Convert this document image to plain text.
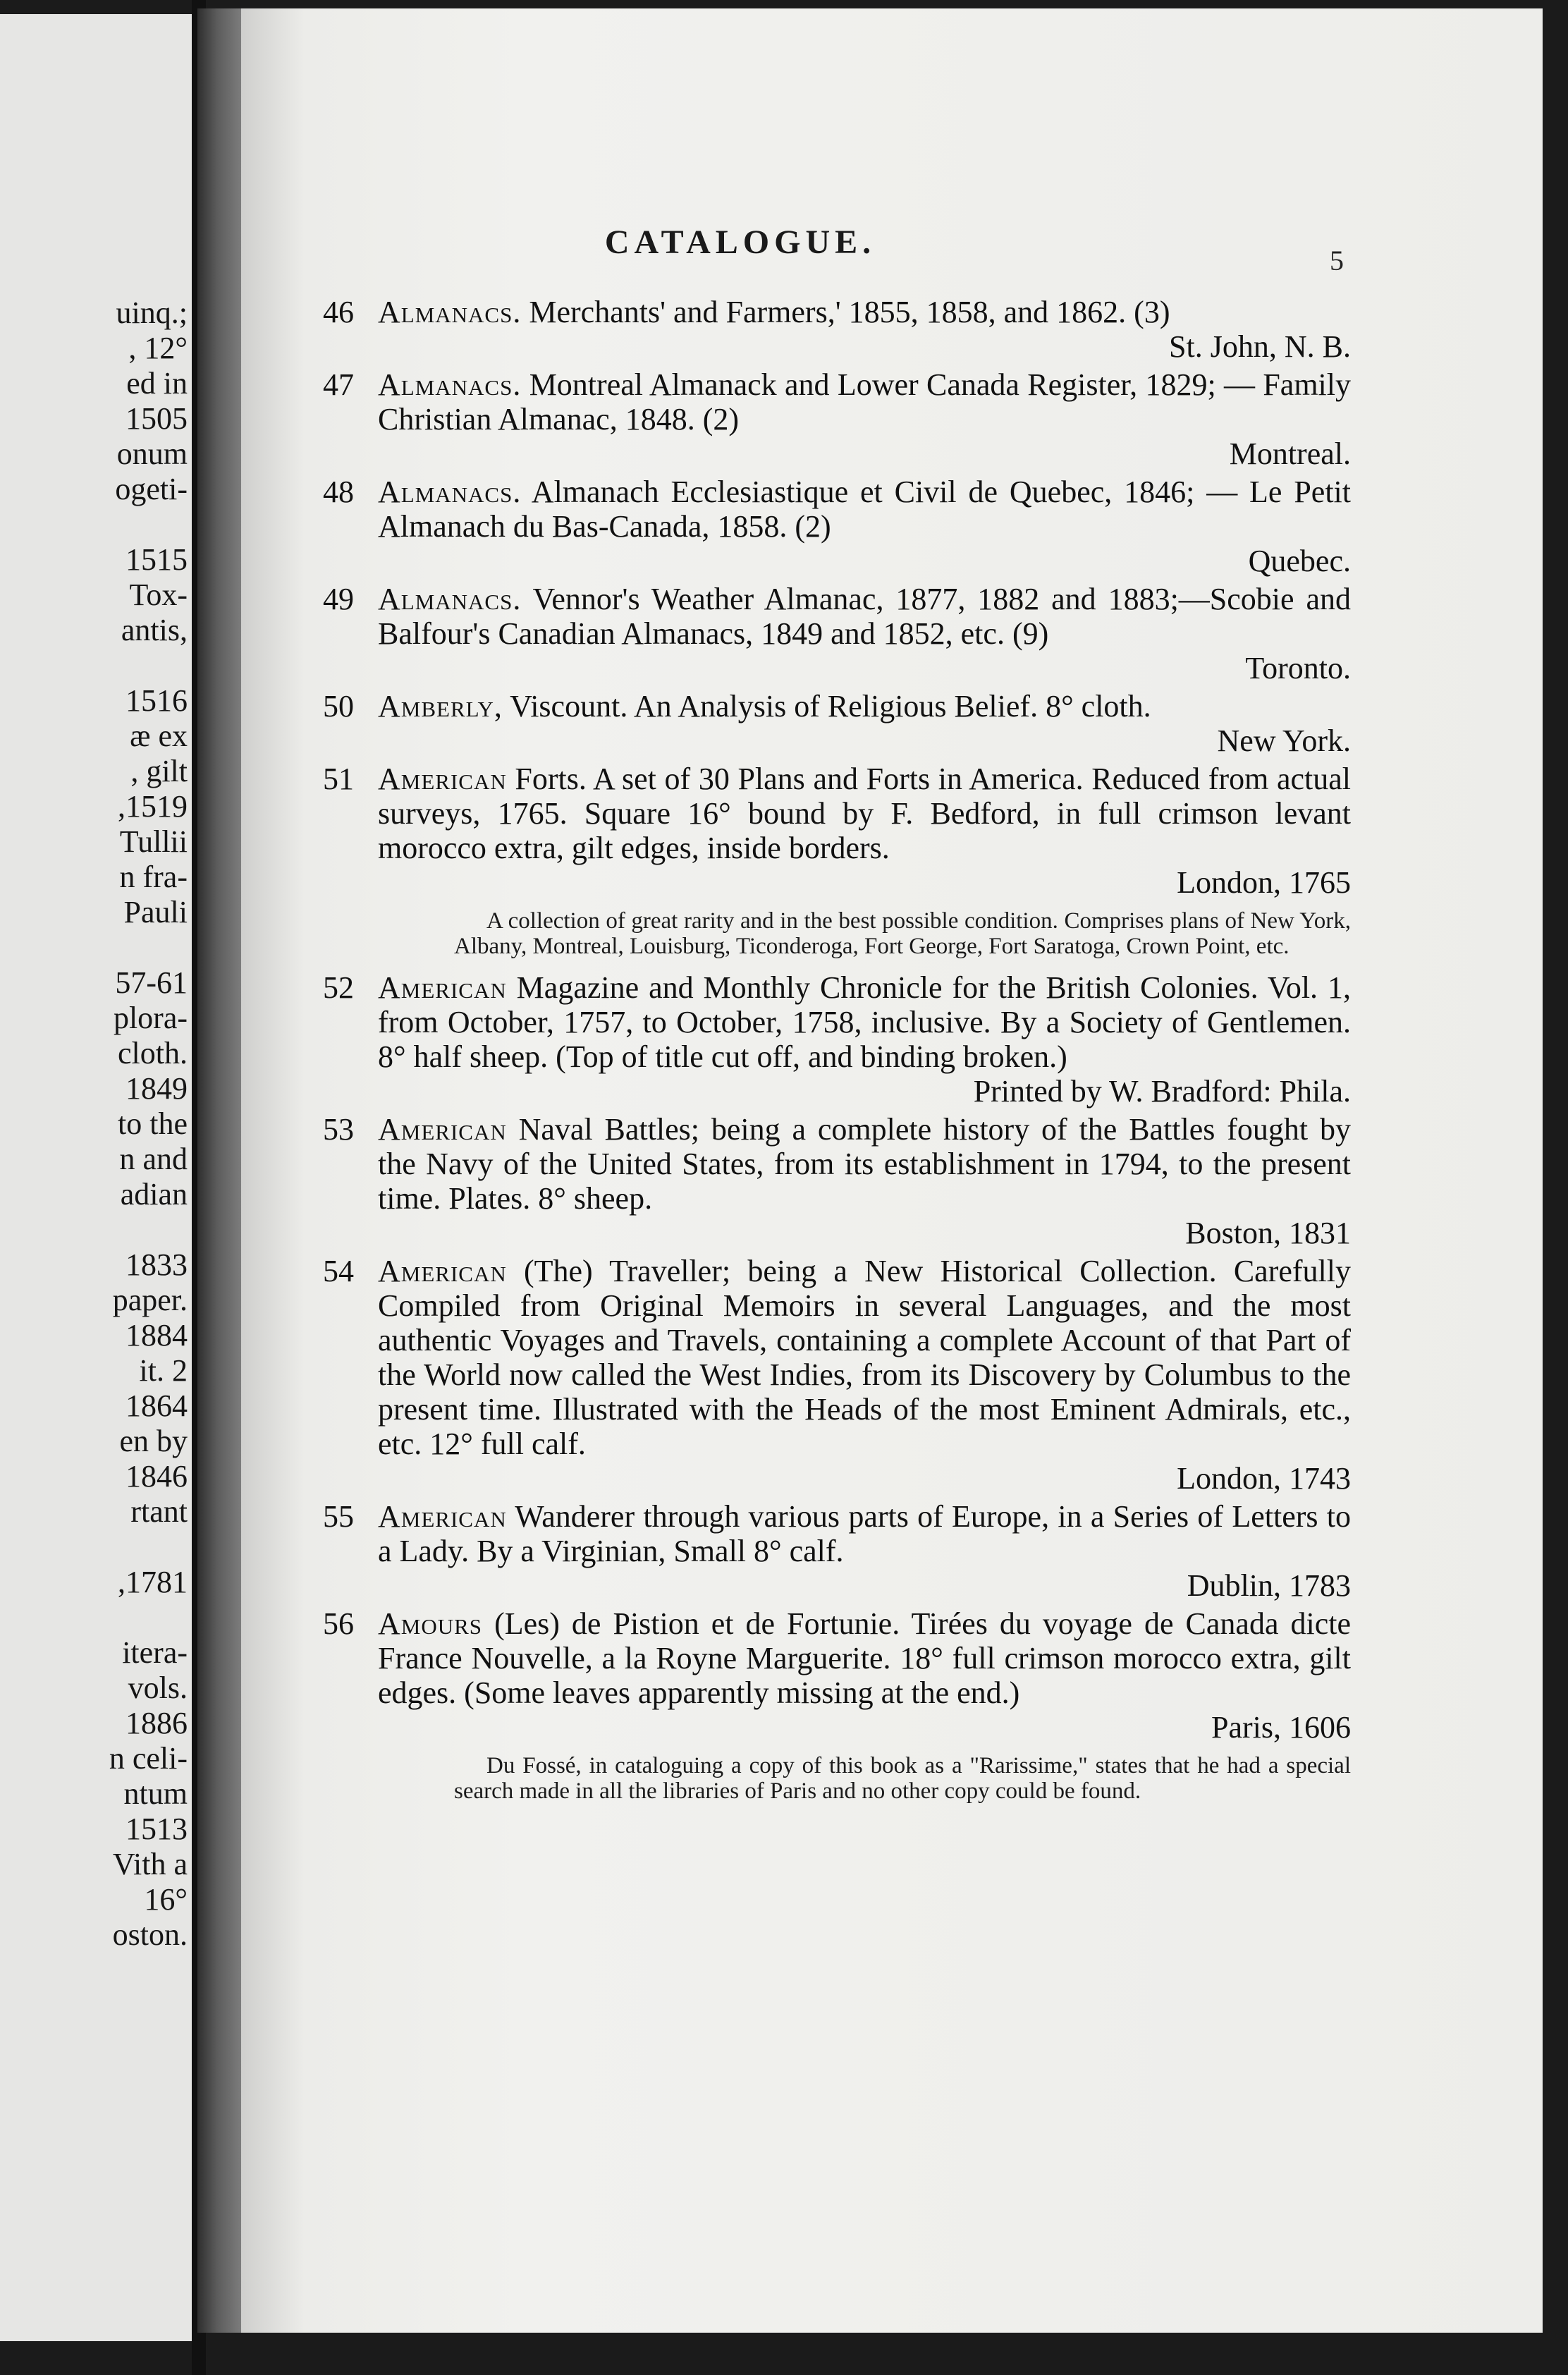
uinq.;
, 12°
ed in
1505
onum
ogeti-
1515
Tox-
antis,
1516
æ ex
, gilt
,1519
Tullii
n fra-
Pauli
57-61
plora-
cloth.
1849
to the
n and
adian
1833
paper.
1884
it. 2
1864
en by
1846
rtant
,1781
itera-
vols.
1886
n celi-
ntum
1513
Vith a
16°
oston.
CATALOGUE.	5
46 Almanacs. Merchants' and Farmers,' 1855, 1858, and 1862. (3)
St. John, N. B.
47 Almanacs. Montreal Almanack and Lower Canada Register, 1829; — Family Christian Almanac, 1848. (2)
Montreal.
48 Almanacs. Almanach Ecclesiastique et Civil de Quebec, 1846; — Le Petit Almanach du Bas-Canada, 1858. (2)
Quebec.
49 Almanacs. Vennor's Weather Almanac, 1877, 1882 and 1883;—Scobie and Balfour's Canadian Almanacs, 1849 and 1852, etc. (9)
Toronto.
50 Amberly, Viscount. An Analysis of Religious Belief. 8° cloth.
New York.
51 American Forts. A set of 30 Plans and Forts in America. Reduced from actual surveys, 1765. Square 16° bound by F. Bedford, in full crimson levant morocco extra, gilt edges, inside borders.
London, 1765
A collection of great rarity and in the best possible condition. Comprises plans of New York, Albany, Montreal, Louisburg, Ticonderoga, Fort George, Fort Saratoga, Crown Point, etc.
52 American Magazine and Monthly Chronicle for the British Colonies. Vol. 1, from October, 1757, to October, 1758, inclusive. By a Society of Gentlemen. 8° half sheep. (Top of title cut off, and binding broken.)
Printed by W. Bradford: Phila.
53 American Naval Battles; being a complete history of the Battles fought by the Navy of the United States, from its establishment in 1794, to the present time. Plates. 8° sheep.
Boston, 1831
54 American (The) Traveller; being a New Historical Collection. Carefully Compiled from Original Memoirs in several Languages, and the most authentic Voyages and Travels, containing a complete Account of that Part of the World now called the West Indies, from its Discovery by Columbus to the present time. Illustrated with the Heads of the most Eminent Admirals, etc., etc. 12° full calf.
London, 1743
55 American Wanderer through various parts of Europe, in a Series of Letters to a Lady. By a Virginian, Small 8° calf.
Dublin, 1783
56 Amours (Les) de Pistion et de Fortunie. Tirées du voyage de Canada dicte France Nouvelle, a la Royne Marguerite. 18° full crimson morocco extra, gilt edges. (Some leaves apparently missing at the end.)
Paris, 1606
Du Fossé, in cataloguing a copy of this book as a "Rarissime," states that he had a special search made in all the libraries of Paris and no other copy could be found.
